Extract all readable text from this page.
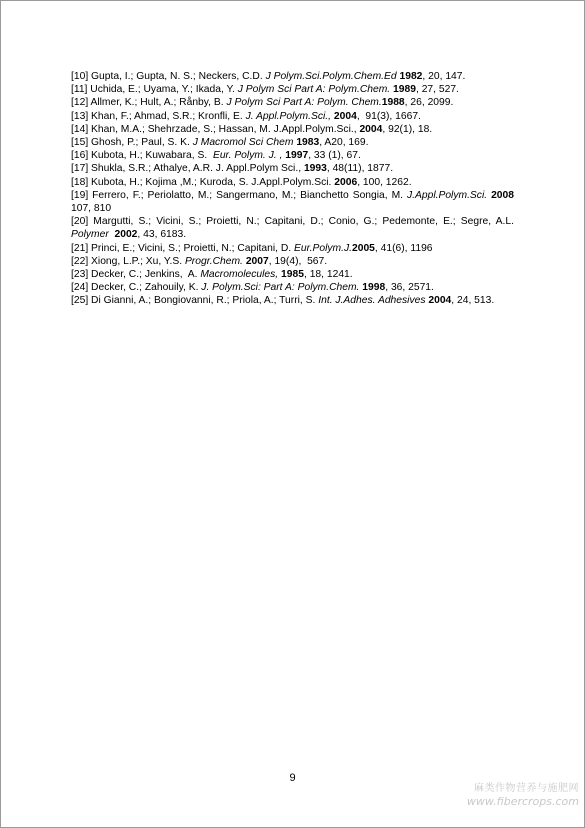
[10] Gupta, I.; Gupta, N. S.; Neckers, C.D. J Polym.Sci.Polym.Chem.Ed 1982, 20, 147.

[11] Uchida, E.; Uyama, Y.; Ikada, Y. J Polym Sci Part A: Polym.Chem. 1989, 27, 527.

[12] Allmer, K.; Hult, A.; Rånby, B. J Polym Sci Part A: Polym. Chem.1988, 26, 2099.

[13] Khan, F.; Ahmad, S.R.; Kronfli, E. J. Appl.Polym.Sci., 2004,  91(3), 1667.

[14] Khan, M.A.; Shehrzade, S.; Hassan, M. J.Appl.Polym.Sci., 2004, 92(1), 18.

[15] Ghosh, P.; Paul, S. K. J Macromol Sci Chem 1983, A20, 169.

[16] Kubota, H.; Kuwabara, S.  Eur. Polym. J. , 1997, 33 (1), 67.

[17] Shukla, S.R.; Athalye, A.R. J. Appl.Polym Sci., 1993, 48(11), 1877.

[18] Kubota, H.; Kojima ,M.; Kuroda, S. J.Appl.Polym.Sci. 2006, 100, 1262.

[19] Ferrero, F.; Periolatto, M.; Sangermano, M.; Bianchetto Songia, M. J.Appl.Polym.Sci. 2008 107, 810

[20] Margutti, S.; Vicini, S.; Proietti, N.; Capitani, D.; Conio, G.; Pedemonte, E.; Segre, A.L. Polymer 2002, 43, 6183.

[21] Princi, E.; Vicini, S.; Proietti, N.; Capitani, D. Eur.Polym.J.2005, 41(6), 1196

[22] Xiong, L.P.; Xu, Y.S. Progr.Chem. 2007, 19(4),  567.

[23] Decker, C.; Jenkins,  A. Macromolecules, 1985, 18, 1241.

[24] Decker, C.; Zahouily, K. J. Polym.Sci: Part A: Polym.Chem. 1998, 36, 2571.

[25] Di Gianni, A.; Bongiovanni, R.; Priola, A.; Turri, S. Int. J.Adhes. Adhesives 2004, 24, 513.

9
麻类作物营养与施肥网
www.fibercrops.com
